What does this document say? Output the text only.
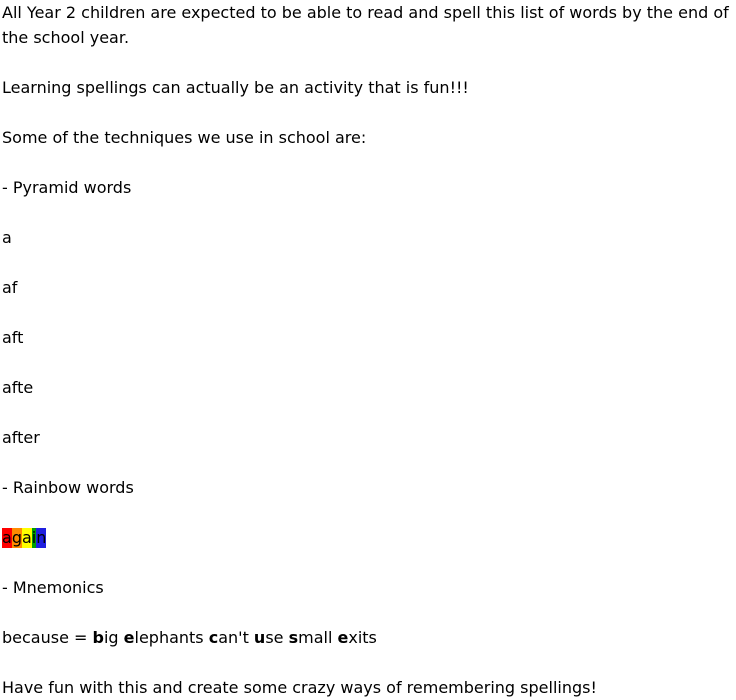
All Year 2 children are expected to be able to read and spell this list of words by the end of the school year.

Learning spellings can actually be an activity that is fun!!!

Some of the techniques we use in school are:

- Pyramid words

a

af

aft

afte

after

- Rainbow words

again

- Mnemonics

because = big elephants can't use small exits

Have fun with this and create some crazy ways of remembering spellings!
